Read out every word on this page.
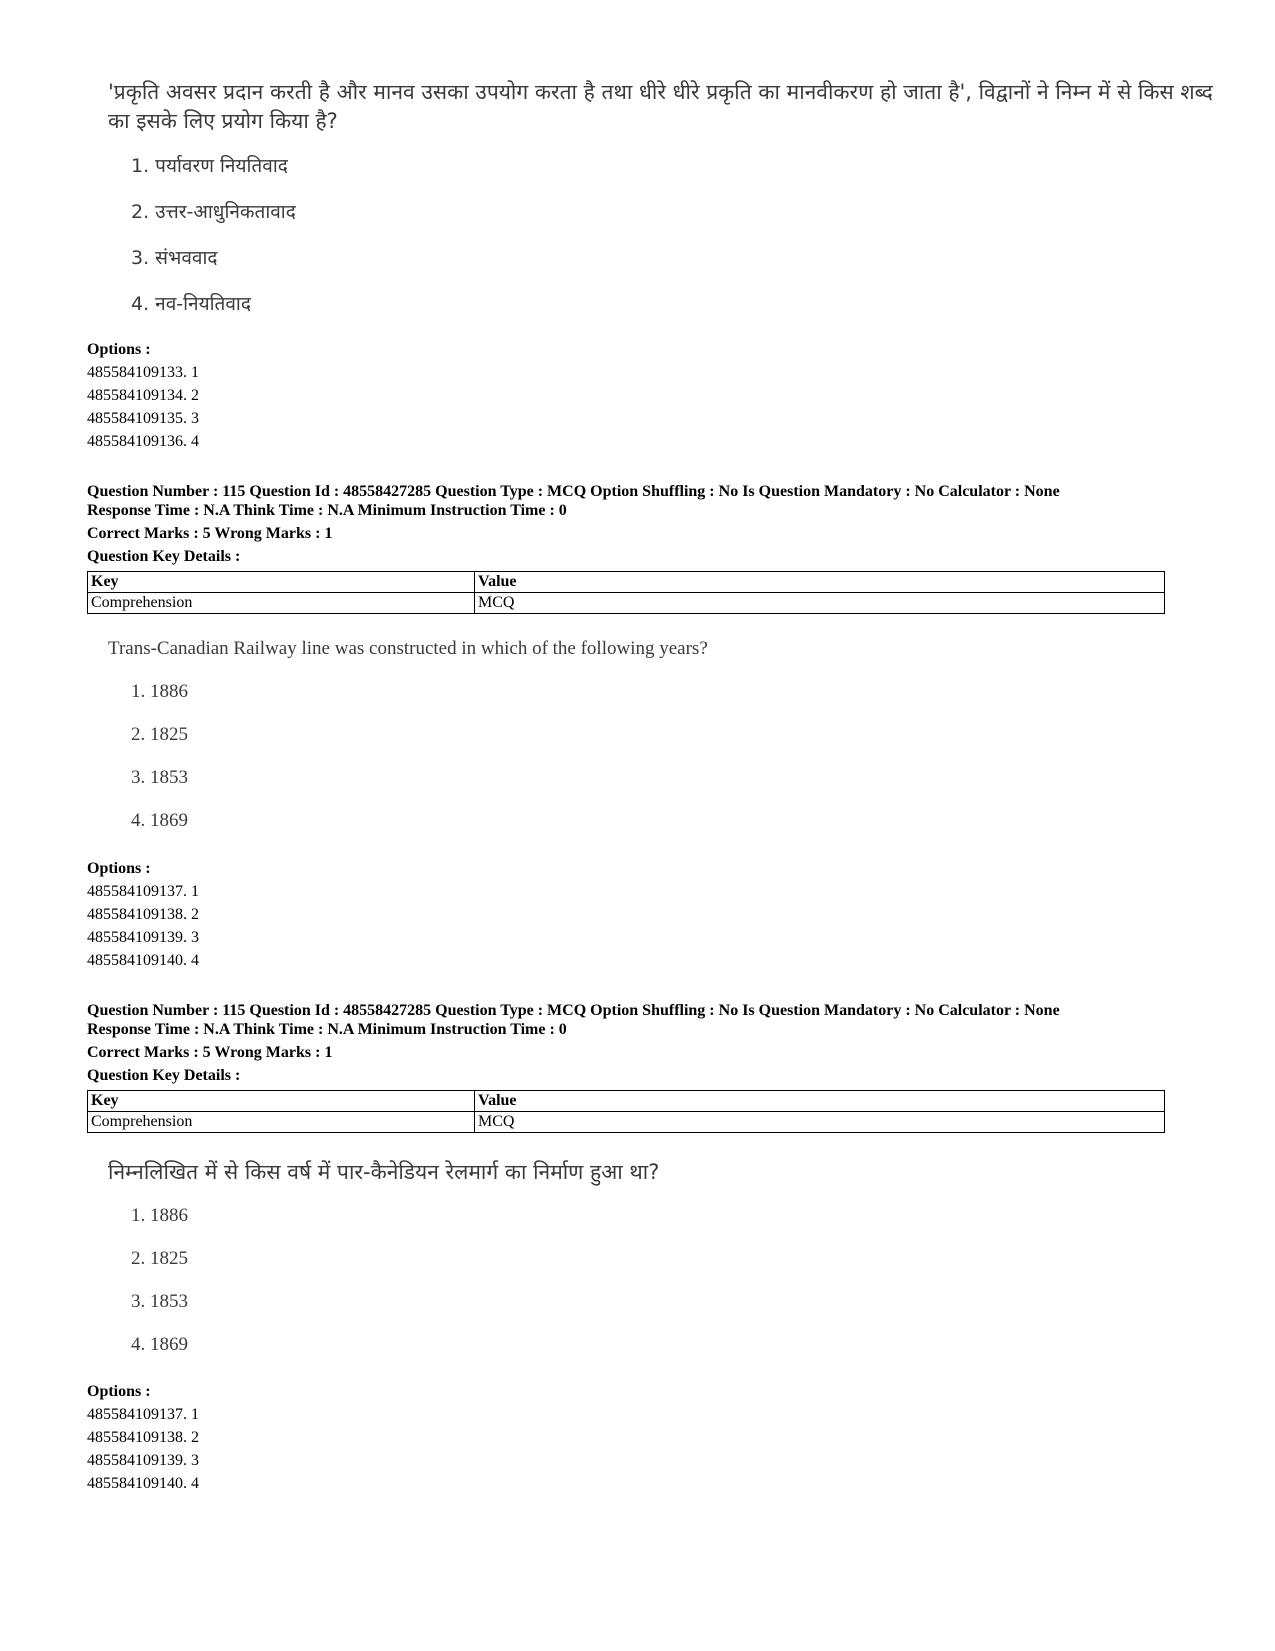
'प्रकृति अवसर प्रदान करती है और मानव उसका उपयोग करता है तथा धीरे धीरे प्रकृति का मानवीकरण हो जाता है', विद्वानों ने निम्न में से किस शब्द
का इसके लिए प्रयोग किया है?
1. पर्यावरण नियतिवाद
2. उत्तर-आधुनिकतावाद
3. संभववाद
4. नव-नियतिवाद
Options :
485584109133. 1
485584109134. 2
485584109135. 3
485584109136. 4
Question Number : 115 Question Id : 48558427285 Question Type : MCQ Option Shuffling : No Is Question Mandatory : No Calculator : None
Response Time : N.A Think Time : N.A Minimum Instruction Time : 0
Correct Marks : 5 Wrong Marks : 1
Question Key Details :
Key	Value
Comprehension	MCQ
Trans-Canadian Railway line was constructed in which of the following years?
1. 1886
2. 1825
3. 1853
4. 1869
Options :
485584109137. 1
485584109138. 2
485584109139. 3
485584109140. 4
Question Number : 115 Question Id : 48558427285 Question Type : MCQ Option Shuffling : No Is Question Mandatory : No Calculator : None
Response Time : N.A Think Time : N.A Minimum Instruction Time : 0
Correct Marks : 5 Wrong Marks : 1
Question Key Details :
Key	Value
Comprehension	MCQ
निम्नलिखित में से किस वर्ष में पार-कैनेडियन रेलमार्ग का निर्माण हुआ था?
1. 1886
2. 1825
3. 1853
4. 1869
Options :
485584109137. 1
485584109138. 2
485584109139. 3
485584109140. 4
